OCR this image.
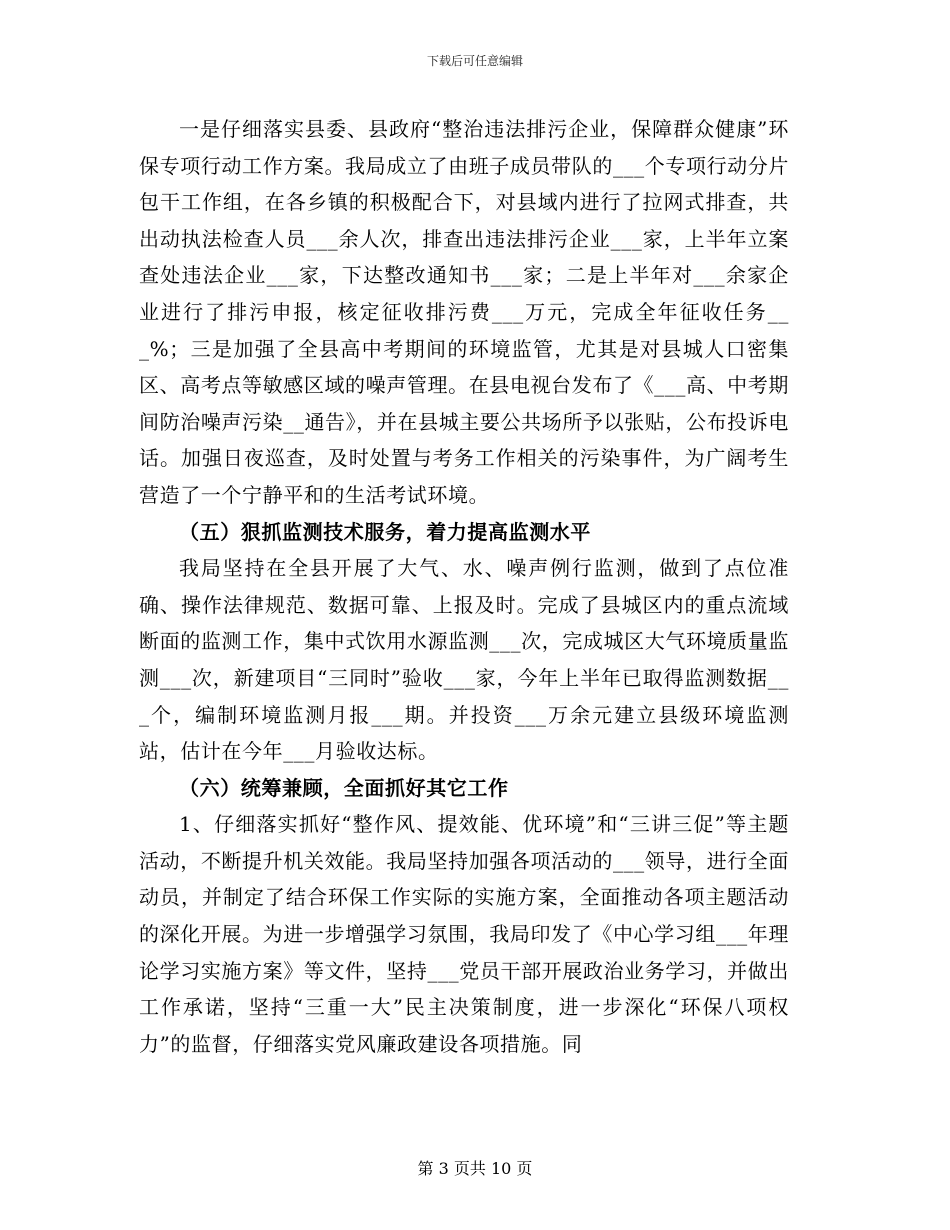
下载后可任意编辑

一是仔细落实县委、县政府“整治违法排污企业，保障群众健康”环保专项行动工作方案。我局成立了由班子成员带队的___个专项行动分片包干工作组，在各乡镇的积极配合下，对县域内进行了拉网式排查，共出动执法检查人员___余人次，排查出违法排污企业___家，上半年立案查处违法企业___家，下达整改通知书___家；二是上半年对___余家企业进行了排污申报，核定征收排污费___万元，完成全年征收任务___%；三是加强了全县高中考期间的环境监管，尤其是对县城人口密集区、高考点等敏感区域的噪声管理。在县电视台发布了《___高、中考期间防治噪声污染__通告》，并在县城主要公共场所予以张贴，公布投诉电话。加强日夜巡查，及时处置与考务工作相关的污染事件，为广阔考生营造了一个宁静平和的生活考试环境。

（五）狠抓监测技术服务，着力提高监测水平

我局坚持在全县开展了大气、水、噪声例行监测，做到了点位准确、操作法律规范、数据可靠、上报及时。完成了县城区内的重点流域断面的监测工作，集中式饮用水源监测___次，完成城区大气环境质量监测___次，新建项目“三同时”验收___家，今年上半年已取得监测数据___个，编制环境监测月报___期。并投资___万余元建立县级环境监测站，估计在今年___月验收达标。

（六）统筹兼顾，全面抓好其它工作

1、仔细落实抓好“整作风、提效能、优环境”和“三讲三促”等主题活动，不断提升机关效能。我局坚持加强各项活动的___领导，进行全面动员，并制定了结合环保工作实际的实施方案，全面推动各项主题活动的深化开展。为进一步增强学习氛围，我局印发了《中心学习组___年理论学习实施方案》等文件，坚持___党员干部开展政治业务学习，并做出工作承诺，坚持“三重一大”民主决策制度，进一步深化“环保八项权力”的监督，仔细落实党风廉政建设各项措施。同

第 3 页共 10 页
